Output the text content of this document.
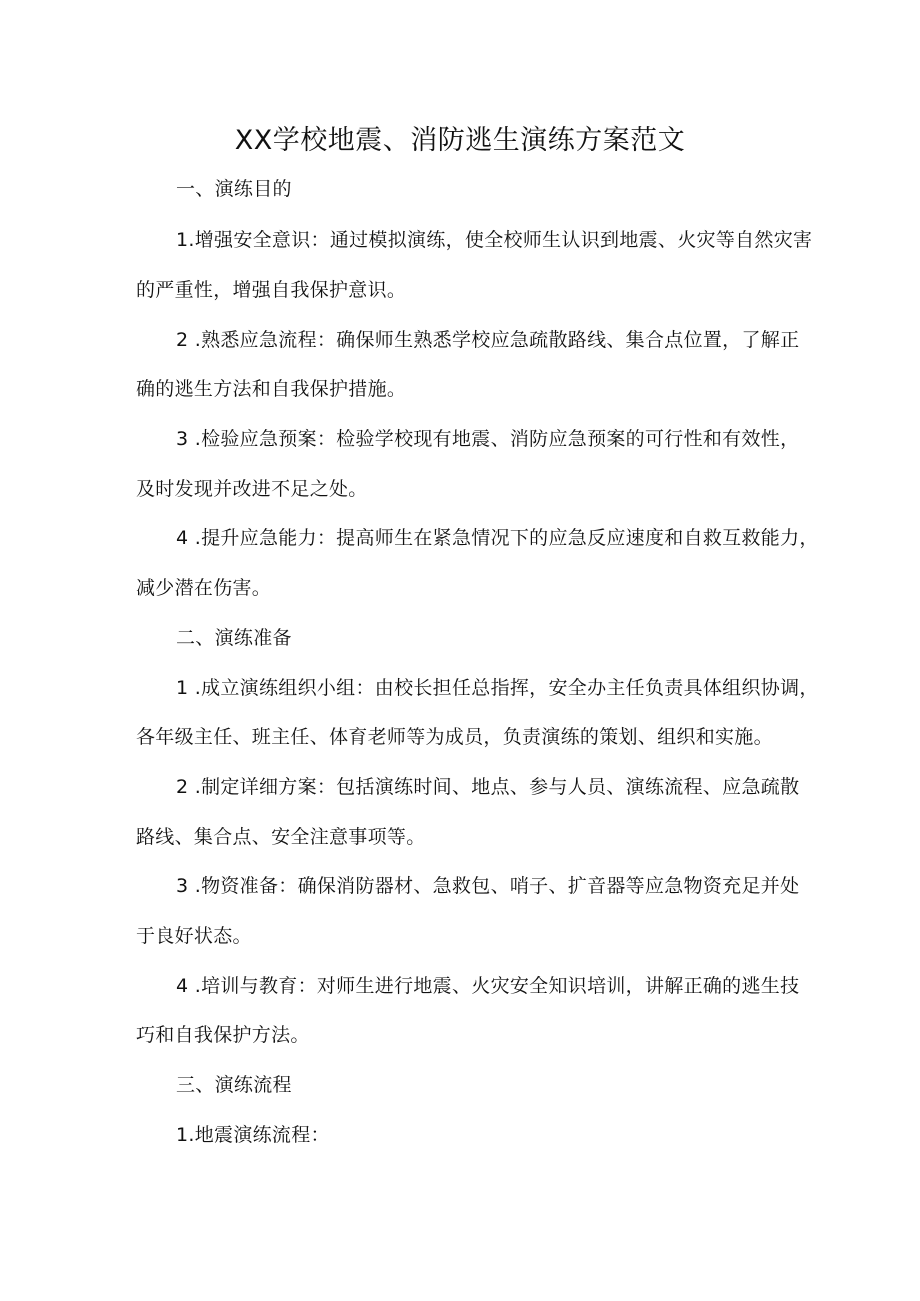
XX学校地震、消防逃生演练方案范文
一、演练目的
1.增强安全意识：通过模拟演练，使全校师生认识到地震、火灾等自然灾害
的严重性，增强自我保护意识。
2 .熟悉应急流程：确保师生熟悉学校应急疏散路线、集合点位置，了解正
确的逃生方法和自我保护措施。
3 .检验应急预案：检验学校现有地震、消防应急预案的可行性和有效性，
及时发现并改进不足之处。
4 .提升应急能力：提高师生在紧急情况下的应急反应速度和自救互救能力，
减少潜在伤害。
二、演练准备
1 .成立演练组织小组：由校长担任总指挥，安全办主任负责具体组织协调，
各年级主任、班主任、体育老师等为成员，负责演练的策划、组织和实施。
2 .制定详细方案：包括演练时间、地点、参与人员、演练流程、应急疏散
路线、集合点、安全注意事项等。
3 .物资准备：确保消防器材、急救包、哨子、扩音器等应急物资充足并处
于良好状态。
4 .培训与教育：对师生进行地震、火灾安全知识培训，讲解正确的逃生技
巧和自我保护方法。
三、演练流程
1.地震演练流程：
